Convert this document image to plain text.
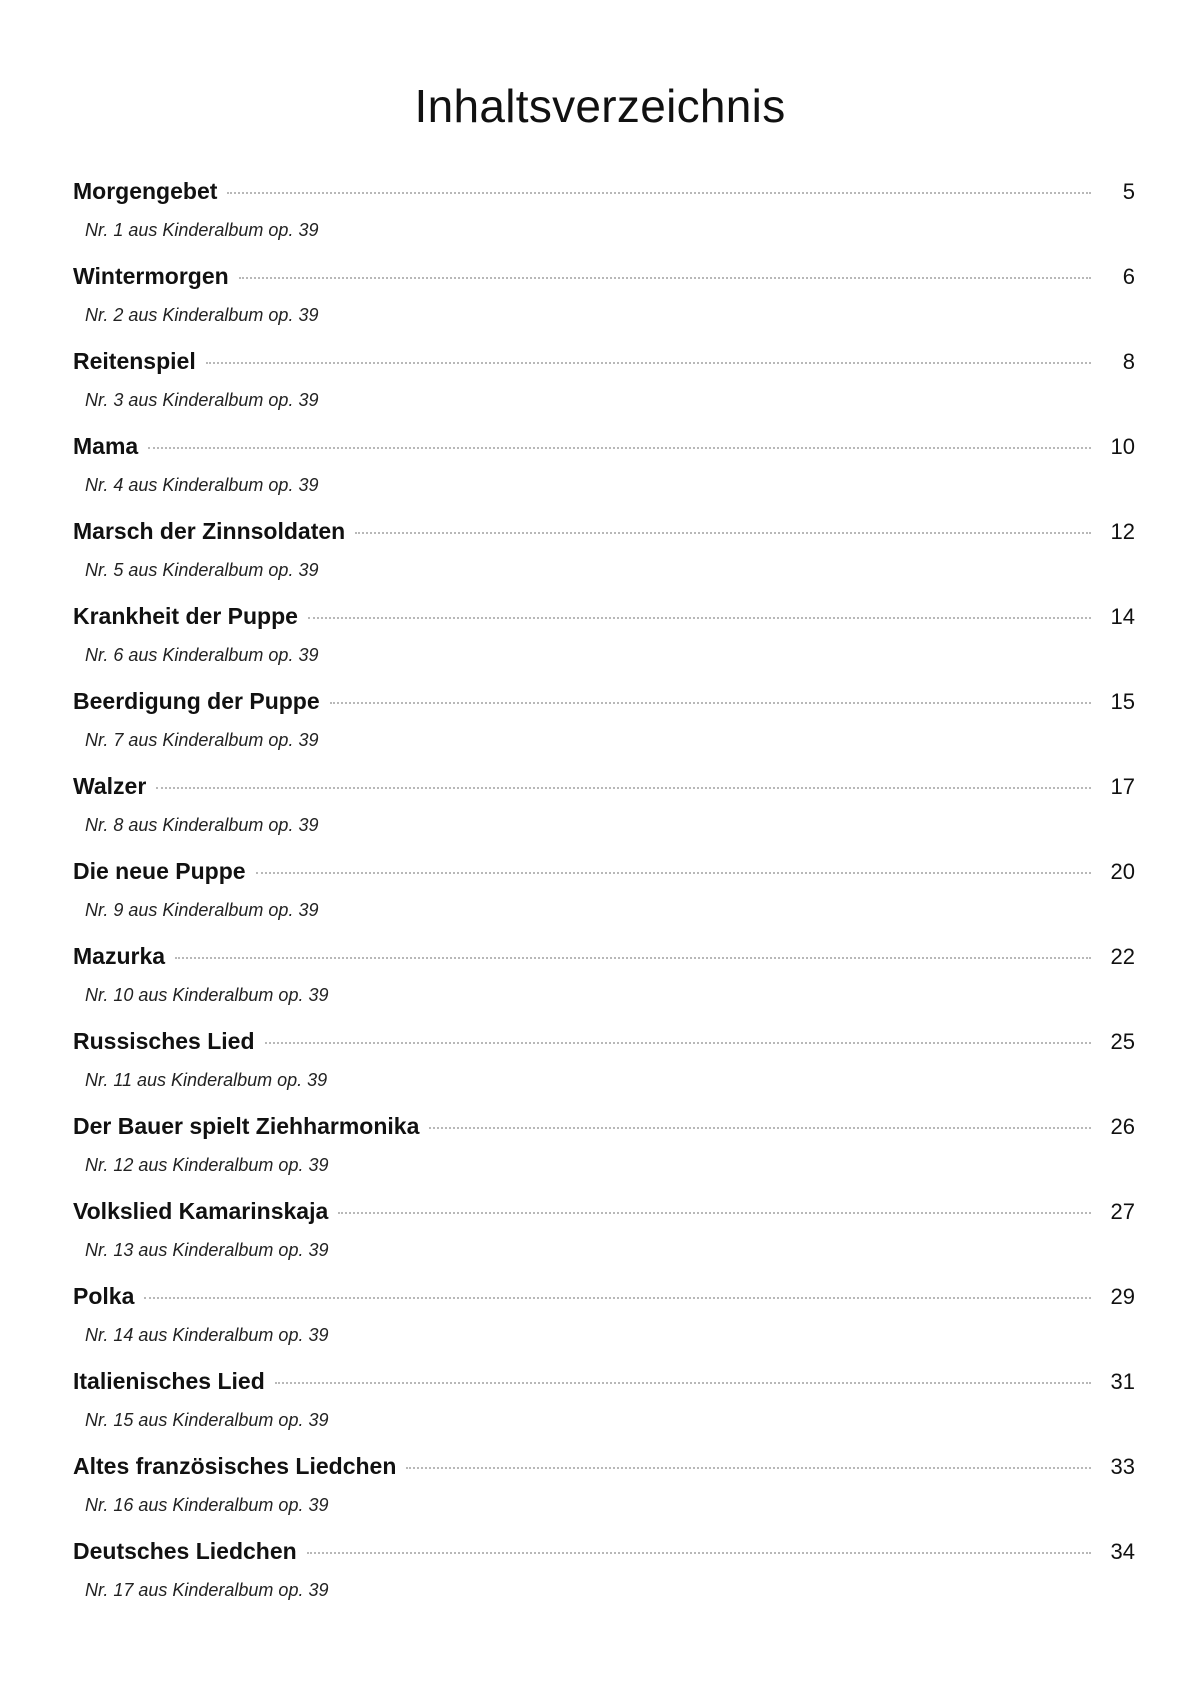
Inhaltsverzeichnis
Morgengebet	5
Nr. 1 aus Kinderalbum op. 39
Wintermorgen	6
Nr. 2 aus Kinderalbum op. 39
Reitenspiel	8
Nr. 3 aus Kinderalbum op. 39
Mama	10
Nr. 4 aus Kinderalbum op. 39
Marsch der Zinnsoldaten	12
Nr. 5 aus Kinderalbum op. 39
Krankheit der Puppe	14
Nr. 6 aus Kinderalbum op. 39
Beerdigung der Puppe	15
Nr. 7 aus Kinderalbum op. 39
Walzer	17
Nr. 8 aus Kinderalbum op. 39
Die neue Puppe	20
Nr. 9 aus Kinderalbum op. 39
Mazurka	22
Nr. 10 aus Kinderalbum op. 39
Russisches Lied	25
Nr. 11 aus Kinderalbum op. 39
Der Bauer spielt Ziehharmonika	26
Nr. 12 aus Kinderalbum op. 39
Volkslied Kamarinskaja	27
Nr. 13 aus Kinderalbum op. 39
Polka	29
Nr. 14 aus Kinderalbum op. 39
Italienisches Lied	31
Nr. 15 aus Kinderalbum op. 39
Altes französisches Liedchen	33
Nr. 16 aus Kinderalbum op. 39
Deutsches Liedchen	34
Nr. 17 aus Kinderalbum op. 39
